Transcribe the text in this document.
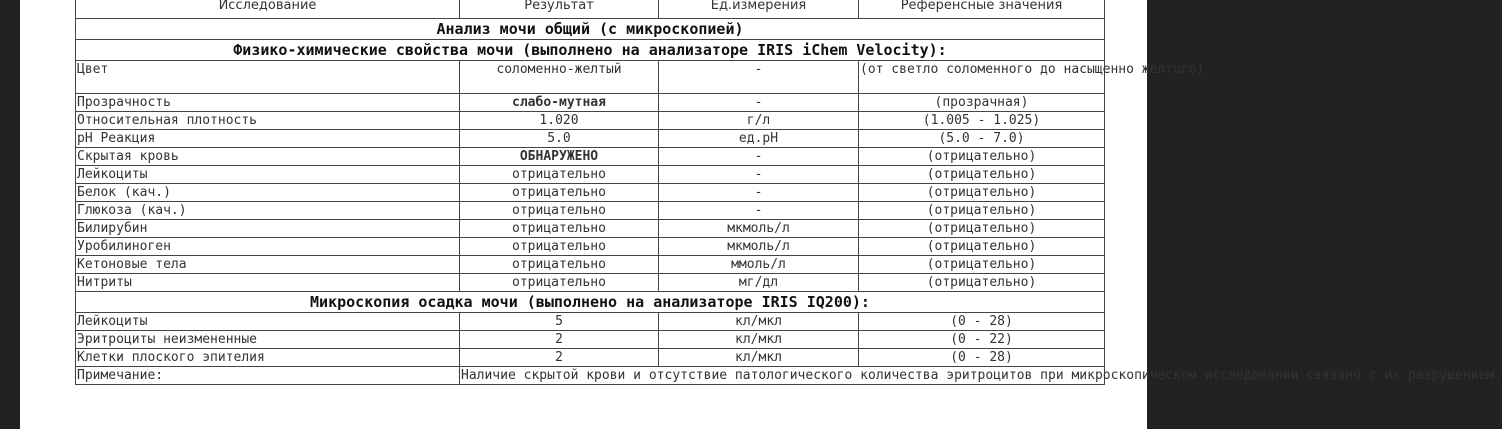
Исследование	Результат	Ед.измерения	Референсные значения
Анализ мочи общий (с микроскопией)			
Физико-химические свойства мочи (выполнено на анализаторе IRIS iChem Velocity):			
Цвет	соломенно-желтый	-	(от светло соломенного до насыщенно желтого)
Прозрачность	слабо-мутная	-	(прозрачная)
Относительная плотность	1.020	г/л	(1.005 - 1.025)
pH Реакция	5.0	ед.pH	(5.0 - 7.0)
Скрытая кровь	ОБНАРУЖЕНО	-	(отрицательно)
Лейкоциты	отрицательно	-	(отрицательно)
Белок (кач.)	отрицательно	-	(отрицательно)
Глюкоза (кач.)	отрицательно	-	(отрицательно)
Билирубин	отрицательно	мкмоль/л	(отрицательно)
Уробилиноген	отрицательно	мкмоль/л	(отрицательно)
Кетоновые тела	отрицательно	ммоль/л	(отрицательно)
Нитриты	отрицательно	мг/дл	(отрицательно)
Микроскопия осадка мочи (выполнено на анализаторе IRIS IQ200):			
Лейкоциты	5	кл/мкл	(0 - 28)
Эритроциты неизмененные	2	кл/мкл	(0 - 22)
Клетки плоского эпителия	2	кл/мкл	(0 - 28)
Примечание:	Наличие скрытой крови и отсутствие патологического количества эритроцитов при микроскопическом исследовании связано с их разрушением.		
